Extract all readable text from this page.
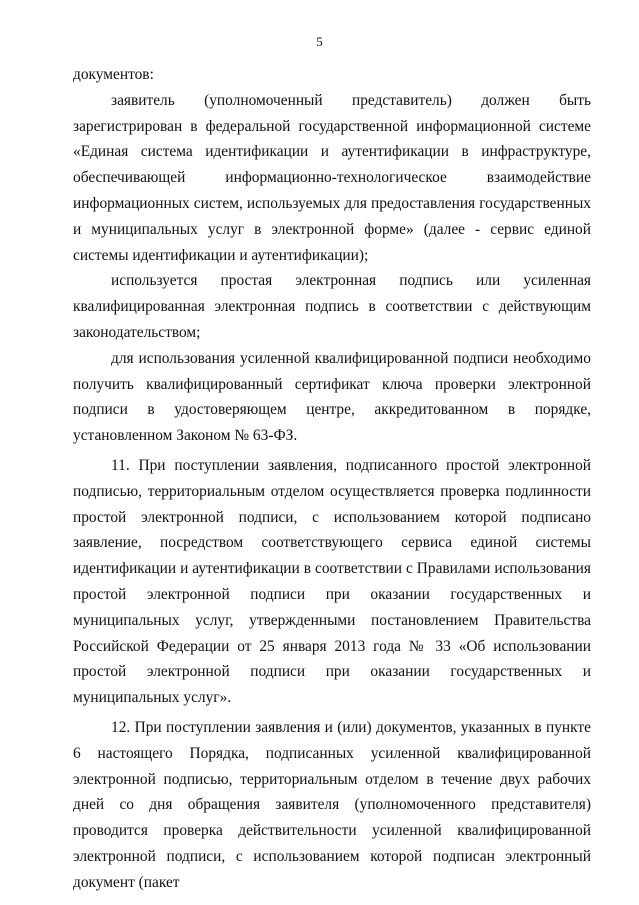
5

документов:

заявитель (уполномоченный представитель) должен быть зарегистрирован в федеральной государственной информационной системе «Единая система идентификации и аутентификации в инфраструктуре, обеспечивающей информационно-технологическое взаимодействие информационных систем, используемых для предоставления государственных и муниципальных услуг в электронной форме» (далее - сервис единой системы идентификации и аутентификации);

используется простая электронная подпись или усиленная квалифицированная электронная подпись в соответствии с действующим законодательством;

для использования усиленной квалифицированной подписи необходимо получить квалифицированный сертификат ключа проверки электронной подписи в удостоверяющем центре, аккредитованном в порядке, установленном Законом № 63-ФЗ.

11. При поступлении заявления, подписанного простой электронной подписью, территориальным отделом осуществляется проверка подлинности простой электронной подписи, с использованием которой подписано заявление, посредством соответствующего сервиса единой системы идентификации и аутентификации в соответствии с Правилами использования простой электронной подписи при оказании государственных и муниципальных услуг, утвержденными постановлением Правительства Российской Федерации от 25 января 2013 года № 33 «Об использовании простой электронной подписи при оказании государственных и муниципальных услуг».

12. При поступлении заявления и (или) документов, указанных в пункте 6 настоящего Порядка, подписанных усиленной квалифицированной электронной подписью, территориальным отделом в течение двух рабочих дней со дня обращения заявителя (уполномоченного представителя) проводится проверка действительности усиленной квалифицированной электронной подписи, с использованием которой подписан электронный документ (пакет
